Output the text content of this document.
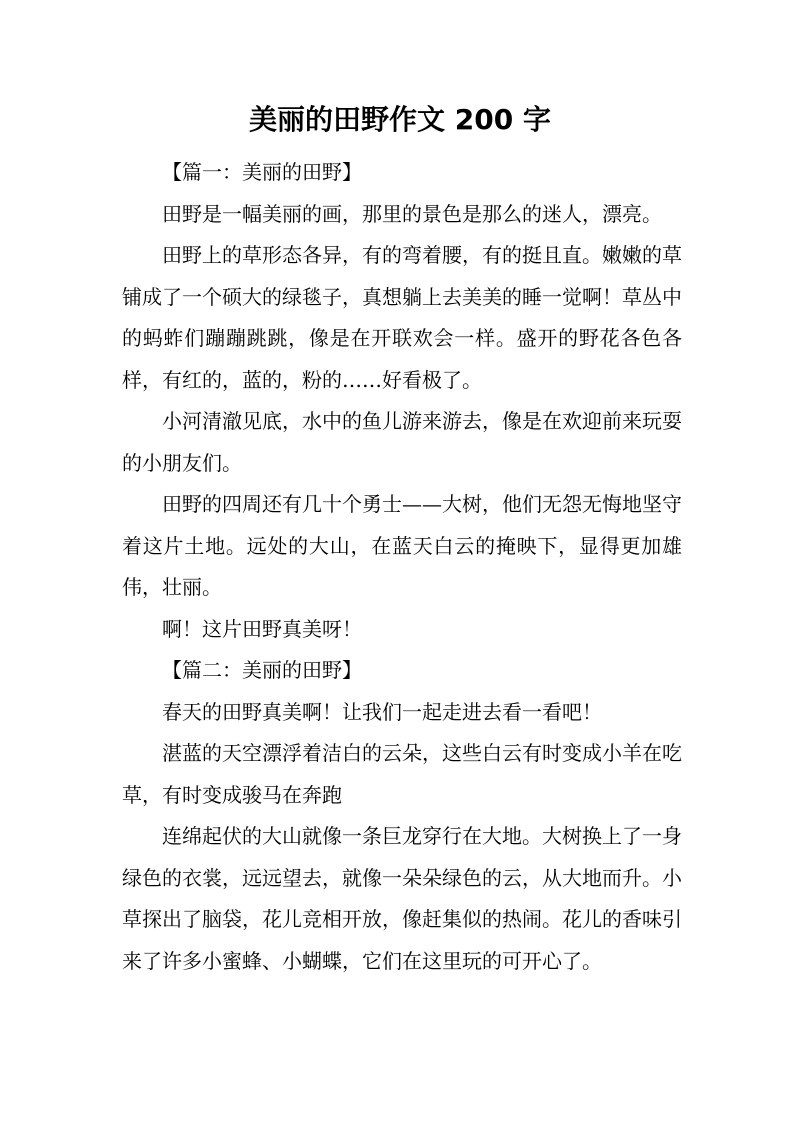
美丽的田野作文 200 字

【篇一：美丽的田野】

田野是一幅美丽的画，那里的景色是那么的迷人，漂亮。

田野上的草形态各异，有的弯着腰，有的挺且直。嫩嫩的草铺成了一个硕大的绿毯子，真想躺上去美美的睡一觉啊！草丛中的蚂蚱们蹦蹦跳跳，像是在开联欢会一样。盛开的野花各色各样，有红的，蓝的，粉的……好看极了。

小河清澈见底，水中的鱼儿游来游去，像是在欢迎前来玩耍的小朋友们。

田野的四周还有几十个勇士——大树，他们无怨无悔地坚守着这片土地。远处的大山，在蓝天白云的掩映下，显得更加雄伟，壮丽。

啊！这片田野真美呀！

【篇二：美丽的田野】

春天的田野真美啊！让我们一起走进去看一看吧！

湛蓝的天空漂浮着洁白的云朵，这些白云有时变成小羊在吃草，有时变成骏马在奔跑

连绵起伏的大山就像一条巨龙穿行在大地。大树换上了一身绿色的衣裳，远远望去，就像一朵朵绿色的云，从大地而升。小草探出了脑袋，花儿竞相开放，像赶集似的热闹。花儿的香味引来了许多小蜜蜂、小蝴蝶，它们在这里玩的可开心了。
